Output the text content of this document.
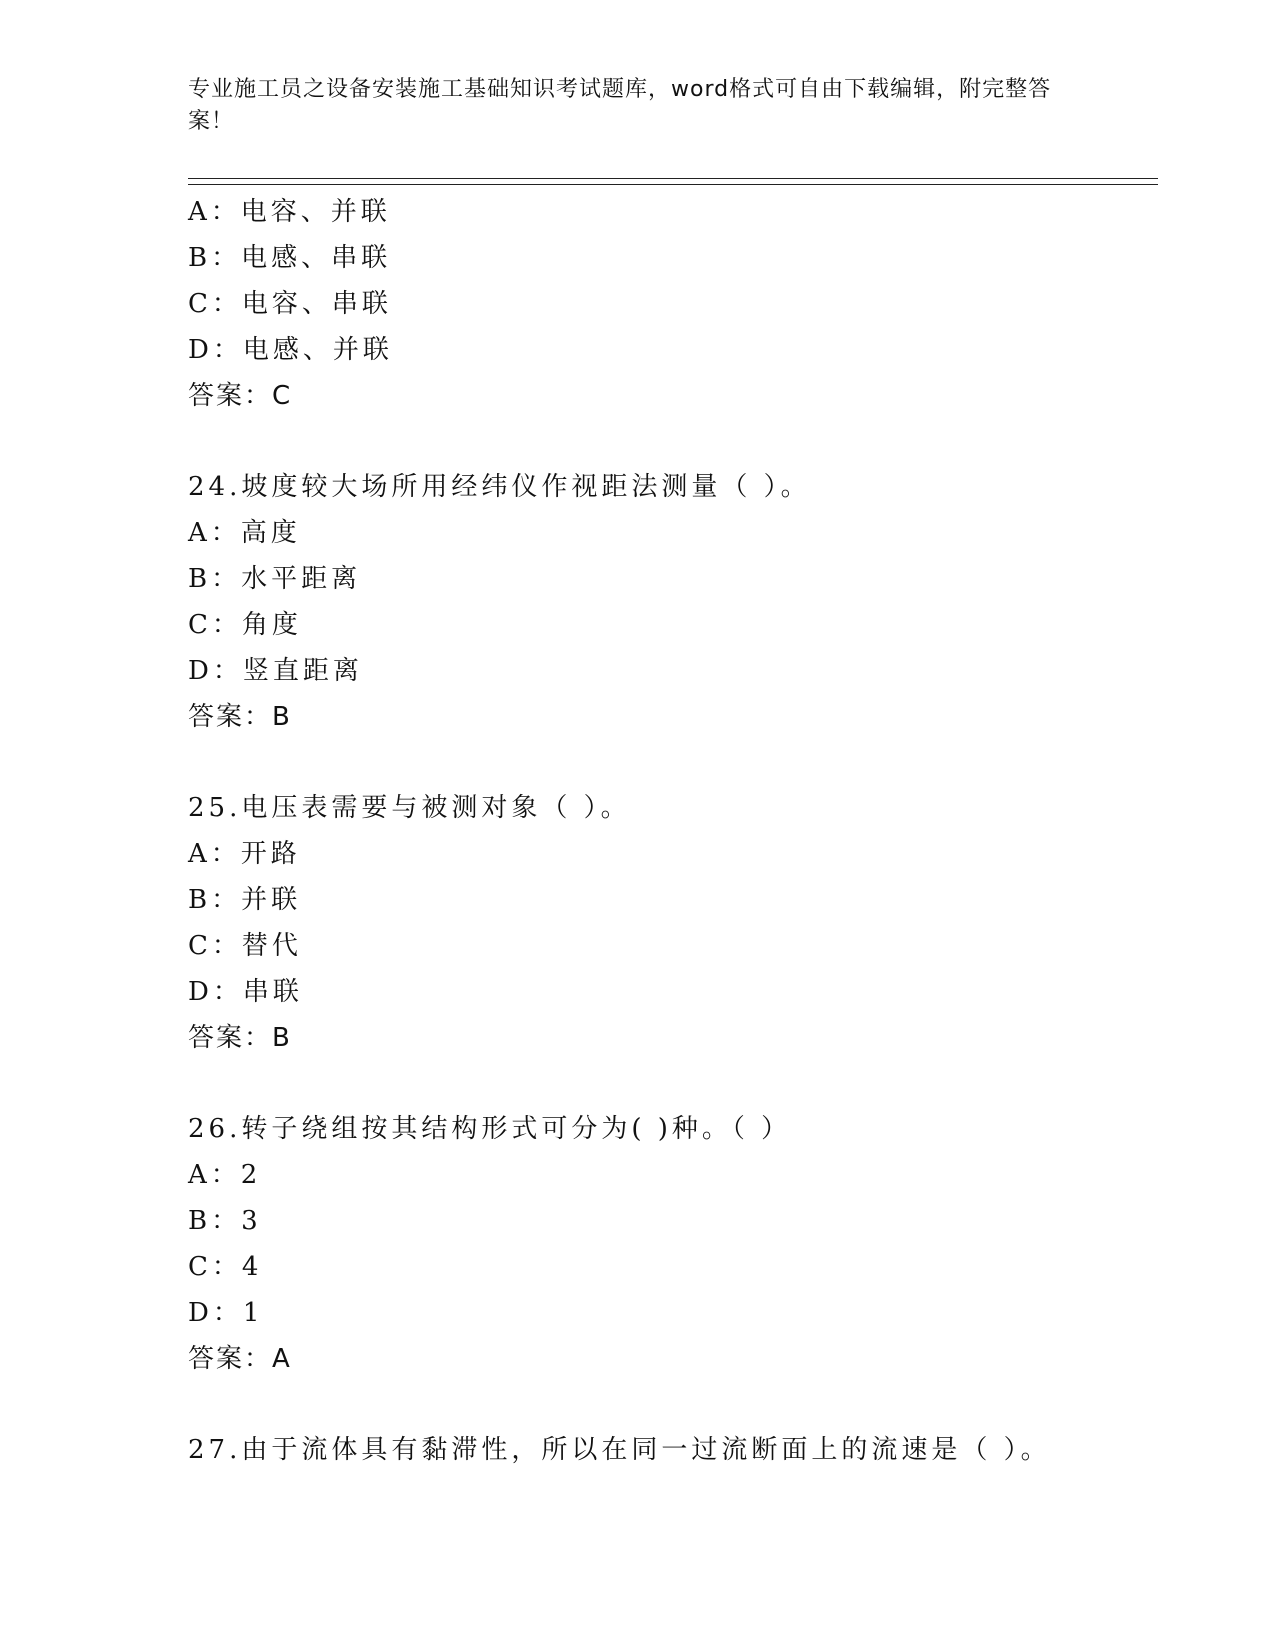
专业施工员之设备安装施工基础知识考试题库，word格式可自由下载编辑，附完整答案！
A：电容、并联
B：电感、串联
C：电容、串联
D：电感、并联
答案：C
24.坡度较大场所用经纬仪作视距法测量（ ）。
A：高度
B：水平距离
C：角度
D：竖直距离
答案：B
25.电压表需要与被测对象（ ）。
A：开路
B：并联
C：替代
D：串联
答案：B
26.转子绕组按其结构形式可分为( )种。（ ）
A：2
B：3
C：4
D：1
答案：A
27.由于流体具有黏滞性，所以在同一过流断面上的流速是（ ）。
